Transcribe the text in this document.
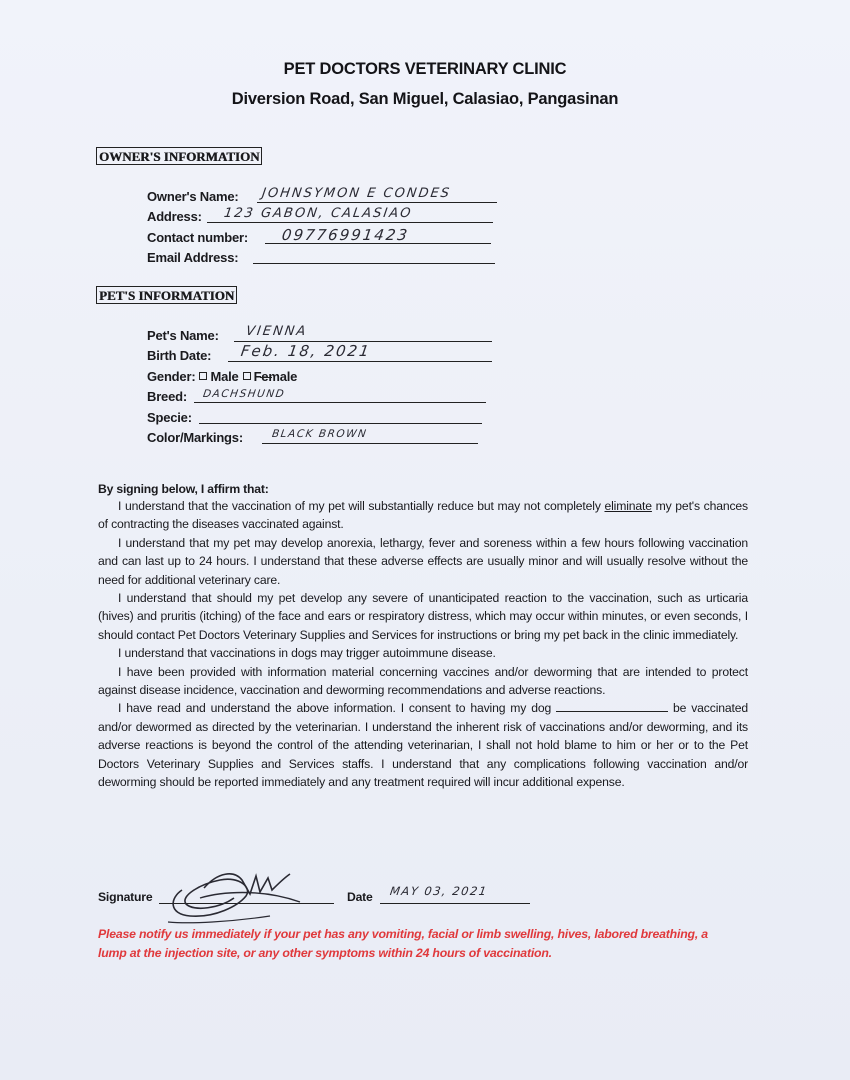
PET DOCTORS VETERINARY CLINIC
Diversion Road, San Miguel, Calasiao, Pangasinan
OWNER'S INFORMATION
Owner's Name: JOHNSYMON E CONDES
Address: 123 GABON, CALASIAO
Contact number: 09776991423
Email Address:
PET'S INFORMATION
Pet's Name: VIENNA
Birth Date: Feb. 18, 2021
Gender: Male Female
Breed: DACHSHUND
Specie:
Color/Markings:	BLACK BROWN
By signing below, I affirm that:

I understand that the vaccination of my pet will substantially reduce but may not completely eliminate my pet's chances of contracting the diseases vaccinated against.

I understand that my pet may develop anorexia, lethargy, fever and soreness within a few hours following vaccination and can last up to 24 hours. I understand that these adverse effects are usually minor and will usually resolve without the need for additional veterinary care.

I understand that should my pet develop any severe of unanticipated reaction to the vaccination, such as urticaria (hives) and pruritis (itching) of the face and ears or respiratory distress, which may occur within minutes, or even seconds, I should contact Pet Doctors Veterinary Supplies and Services for instructions or bring my pet back in the clinic immediately.

I understand that vaccinations in dogs may trigger autoimmune disease.

I have been provided with information material concerning vaccines and/or deworming that are intended to protect against disease incidence, vaccination and deworming recommendations and adverse reactions.

I have read and understand the above information. I consent to having my dog	be vaccinated and/or dewormed as directed by the veterinarian. I understand the inherent risk of vaccinations and/or deworming, and its adverse reactions is beyond the control of the attending veterinarian, I shall not hold blame to him or her or to the Pet Doctors Veterinary Supplies and Services staffs. I understand that any complications following vaccination and/or deworming should be reported immediately and any treatment required will incur additional expense.

Signature	Date MAY 03, 2021
Please notify us immediately if your pet has any vomiting, facial or limb swelling, hives, labored breathing, a lump at the injection site, or any other symptoms within 24 hours of vaccination.
